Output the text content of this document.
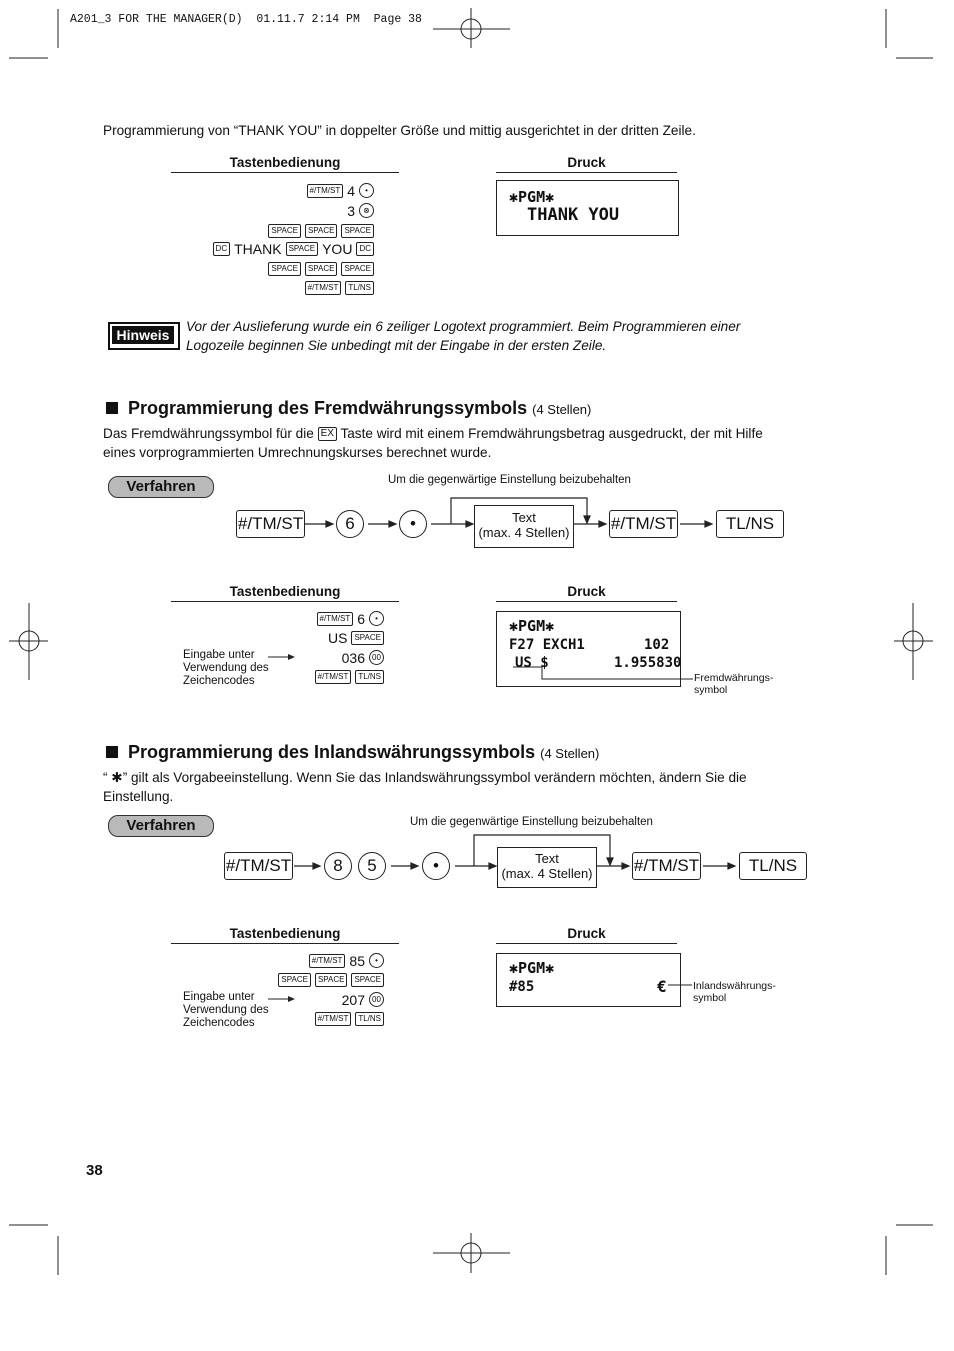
A201_3 FOR THE MANAGER(D)  01.11.7 2:14 PM  Page 38
Programmierung von “THANK YOU” in doppelter Größe und mittig ausgerichtet in der dritten Zeile.
Tastenbedienung	Druck
#/TM/ST 4	•
3	⊗
SPACE	SPACE	SPACE
DC THANK SPACE YOU DC
SPACE	SPACE	SPACE
#/TM/ST	TL/NS
✱PGM✱
THANK YOU
Hinweis
Vor der Auslieferung wurde ein 6 zeiliger Logotext programmiert. Beim Programmieren einer
Logozeile beginnen Sie unbedingt mit der Eingabe in der ersten Zeile.
Programmierung des Fremdwährungssymbols (4 Stellen)
Das Fremdwährungssymbol für die EX Taste wird mit einem Fremdwährungsbetrag ausgedruckt, der mit Hilfe
eines vorprogrammierten Umrechnungskurses berechnet wurde.
Verfahren	Um die gegenwärtige Einstellung beizubehalten
#/TM/ST	6	•	Text
(max. 4 Stellen) #/TM/ST	TL/NS
Tastenbedienung	Druck
#/TM/ST 6	•
US SPACE
036 00
#/TM/ST	TL/NS
Eingabe unter
Verwendung des
Zeichencodes
✱PGM✱
F27 EXCH1	102
US $	1.955830
Fremdwährungs-
symbol
Programmierung des Inlandswährungssymbols (4 Stellen)
“ ✱” gilt als Vorgabeeinstellung. Wenn Sie das Inlandswährungssymbol verändern möchten, ändern Sie die
Einstellung.
Verfahren	Um die gegenwärtige Einstellung beizubehalten
#/TM/ST	8	5	•	Text
(max. 4 Stellen) #/TM/ST	TL/NS
Tastenbedienung	Druck
#/TM/ST 85	•
SPACE	SPACE	SPACE
207 00
#/TM/ST	TL/NS
Eingabe unter
Verwendung des
Zeichencodes
✱PGM✱
#85	€	Inlandswährungs-
symbol
38
